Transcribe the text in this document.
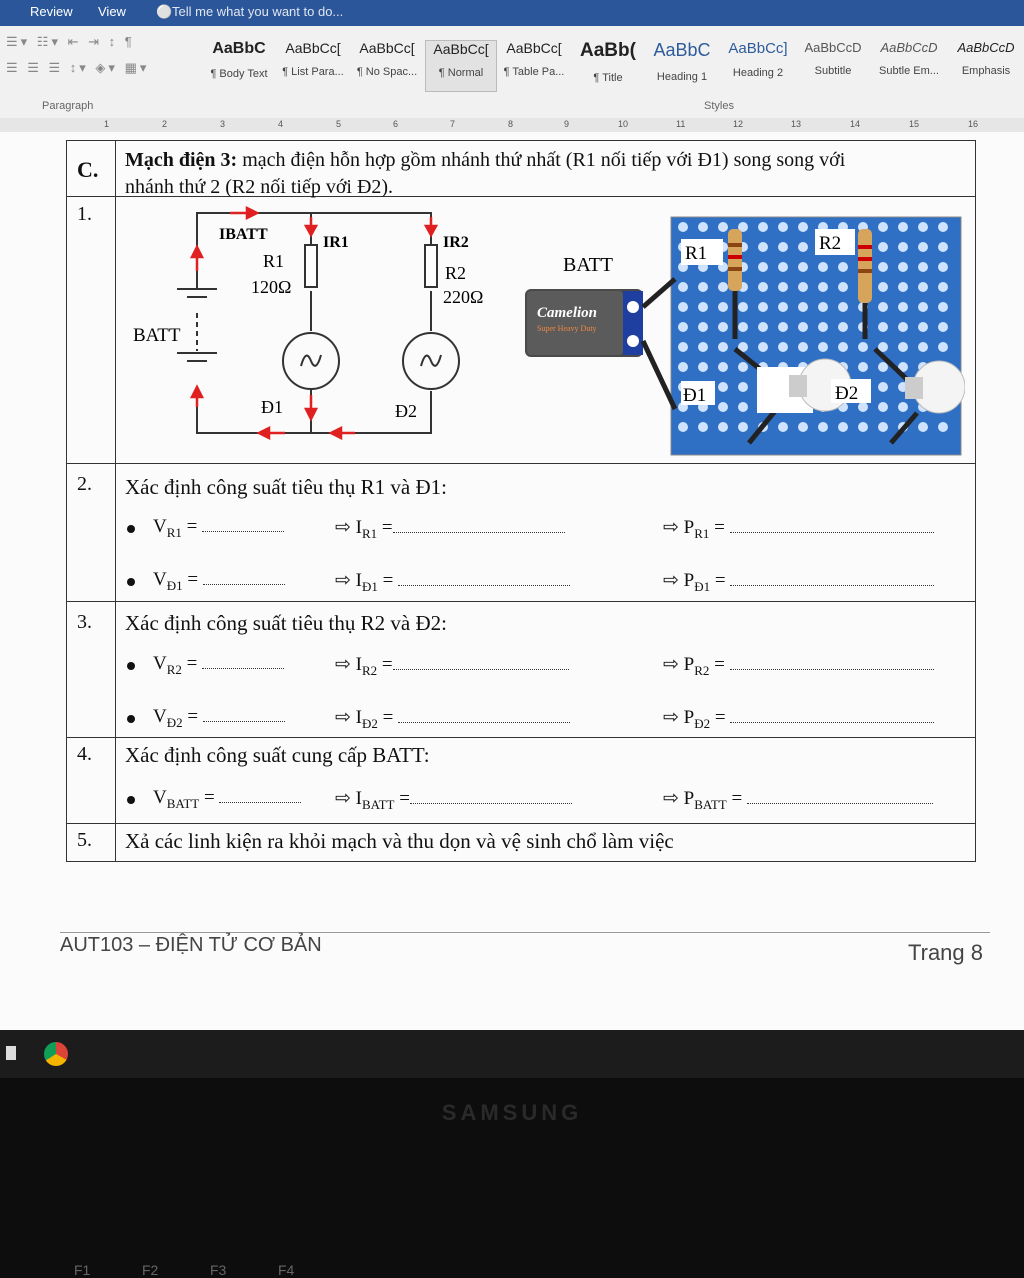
Review View ⚪ Tell me what you want to do...
☰▾ ☷▾ ⇤ ⇥ ↕ ¶
☰ ☰ ☰ ↕▾ ◈▾ ▦▾
Paragraph	Styles
AaBbC
¶ Body Text
AaBbCc[
¶ List Para...
AaBbCc[
¶ No Spac...
AaBbCc[
¶ Normal
AaBbCc[
¶ Table Pa...
AaBb(
¶ Title
AaBbC
Heading 1
AaBbCc]
Heading 2
AaBbCcD
Subtitle
AaBbCcD
Subtle Em...
AaBbCcD
Emphasis
1	2	3	4	5	6	7	8	9	10	11	12	13	14	15	16
C. Mạch điện 3: mạch điện hỗn hợp gồm nhánh thứ nhất (R1 nối tiếp với Đ1) song song với
nhánh thứ 2 (R2 nối tiếp với Đ2).
1.
IBATT	IR1	IR2
R1
120Ω
R2
220Ω
BATT
Đ1	Đ2
BATT
Camelion
Super Heavy Duty
R1	R2
Đ1	Đ2
2. Xác định công suất tiêu thụ R1 và Đ1:
3. Xác định công suất tiêu thụ R2 và Đ2:
4. Xác định công suất cung cấp BATT:
5. Xả các linh kiện ra khỏi mạch và thu dọn và vệ sinh chổ làm việc
$V_{R1}$ =	⇨ $I_{R1}$ =	⇨ $P_{R1}$ =
$V_{Đ1}$ =	⇨ $I_{Đ1}$ =	⇨ $P_{Đ1}$ =
$V_{R2}$ =	⇨ $I_{R2}$ =	⇨ $P_{R2}$ =
$V_{Đ2}$ =	⇨ $I_{Đ2}$ =	⇨ $P_{Đ2}$ =
$V_{BATT}$ =	⇨ $I_{BATT}$ =	⇨ $P_{BATT}$ =
AUT103 – ĐIỆN TỬ CƠ BẢN	Trang 8
SAMSUNG
F1	F2	F3	F4
